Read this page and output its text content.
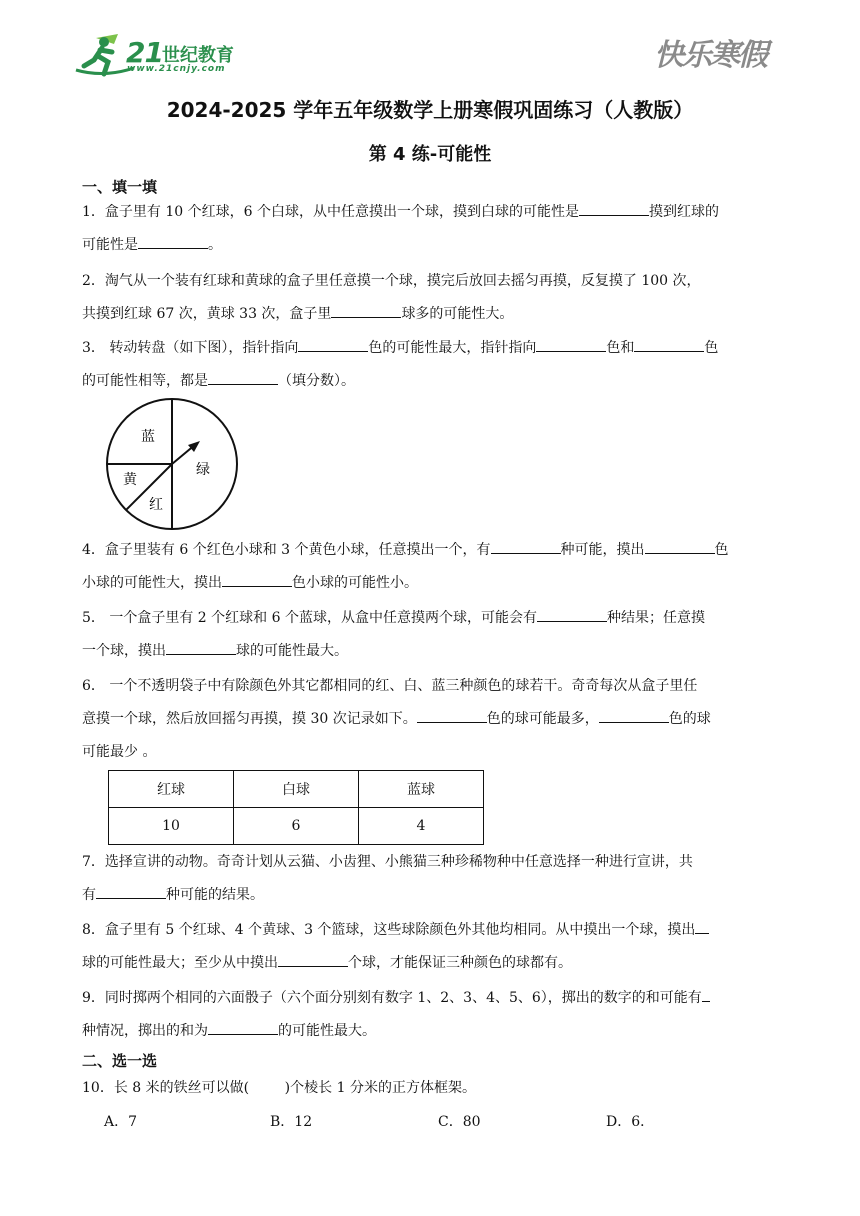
21 世纪教育
www.21cnjy.com	快乐寒假
2024-2025 学年五年级数学上册寒假巩固练习（人教版）
第 4 练-可能性
一、填一填

1．盒子里有 10 个红球，6 个白球，从中任意摸出一个球，摸到白球的可能性是	摸到红球的

可能性是	。

2．淘气从一个装有红球和黄球的盒子里任意摸一个球，摸完后放回去摇匀再摸，反复摸了 100 次，

共摸到红球 67 次，黄球 33 次，盒子里	球多的可能性大。

3． 转动转盘（如下图），指针指向	色的可能性最大，指针指向	色和	色

的可能性相等，都是	（填分数）。

蓝
绿
黄
红

4．盒子里装有 6 个红色小球和 3 个黄色小球，任意摸出一个，有	种可能，摸出	色

小球的可能性大，摸出	色小球的可能性小。

5． 一个盒子里有 2 个红球和 6 个蓝球，从盒中任意摸两个球，可能会有	种结果；任意摸

一个球，摸出	球的可能性最大。

6． 一个不透明袋子中有除颜色外其它都相同的红、白、蓝三种颜色的球若干。奇奇每次从盒子里任

意摸一个球，然后放回摇匀再摸，摸 30 次记录如下。	色的球可能最多，	色的球

可能最少 。

红球	白球	蓝球
10	6	4

7．选择宣讲的动物。奇奇计划从云猫、小齿狸、小熊猫三种珍稀物种中任意选择一种进行宣讲，共

有	种可能的结果。

8．盒子里有 5 个红球、4 个黄球、3 个篮球，这些球除颜色外其他均相同。从中摸出一个球，摸出

球的可能性最大；至少从中摸出	个球，才能保证三种颜色的球都有。

9．同时掷两个相同的六面骰子（六个面分别刻有数字 1、2、3、4、5、6），掷出的数字的和可能有

种情况，掷出的和为	的可能性最大。

二、选一选

10．长 8 米的铁丝可以做(        )个棱长 1 分米的正方体框架。

A．7	B．12	C．80	D．6．
